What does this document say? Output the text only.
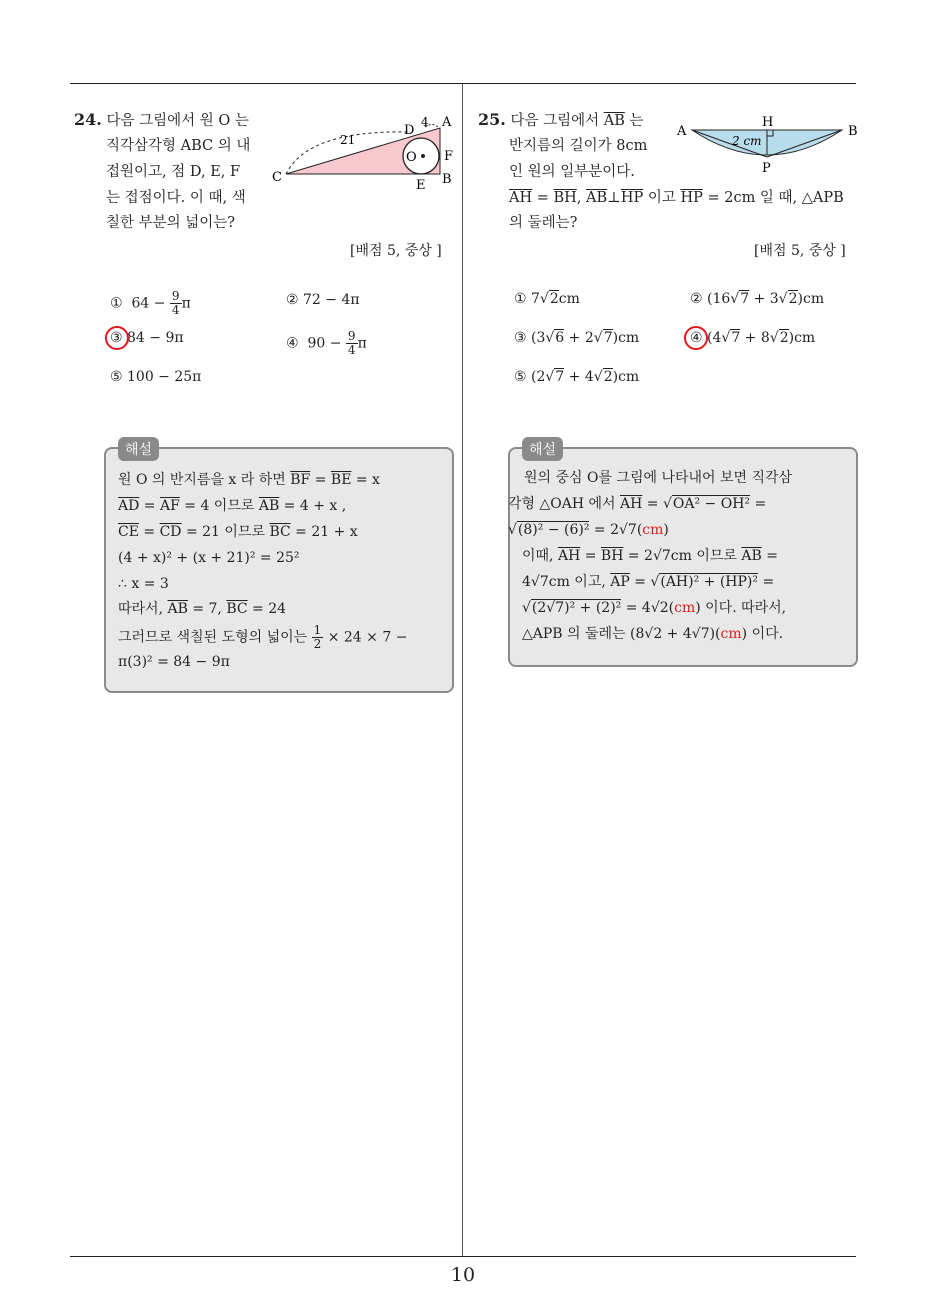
10
24. 다음 그림에서 원 O 는
직각삼각형 ABC 의 내
접원이고, 점 D, E, F
는 접점이다. 이 때, 색
칠한 부분의 넓이는?
A
B
C
D
E
F
O
21
4
[배점 5, 중상 ]
① $64 - \frac{9}{4}$ π	② 72 − 4π
③ 84 − 9π	④ $90 - \frac{9}{4}$ π
⑤ 100 − 25π
해설
원 O 의 반지름을 x 라 하면 $\overline{BF} = \overline{BE} = x$
$\overline{AD} = \overline{AF} = 4$ 이므로 $\overline{AB} = 4 + x$ ,
$\overline{CE} = \overline{CD} = 21$ 이므로 $\overline{BC} = 21 + x$
(4 + x)² + (x + 21)² = 25²
∴ x = 3
따라서, $\overline{AB} = 7$, $\overline{BC} = 24$
그러므로 색칠된 도형의 넓이는 $\frac{1}{2} \times 24 \times 7$ −
π(3)² = 84 − 9π
25. 다음 그림에서 $\overline{AB}$ 는
반지름의 길이가 8cm
인 원의 일부분이다.
$\overline{AH} = \overline{BH}$, $\overline{AB}\perp\overline{HP}$ 이고 $\overline{HP} = 2cm$ 일 때, △APB
의 둘레는?
A	B
H
P
2 cm
[배점 5, 중상 ]
① 7√2cm	② (16√7 + 3√2)cm
③ (3√6 + 2√7)cm	④ (4√7 + 8√2)cm
⑤ (2√7 + 4√2)cm
해설
원의 중심 O를 그림에 나타내어 보면 직각삼
각형 △OAH 에서 $\overline{AH} = √OA^2 - OH^2$ =
√(8)² − (6)² = 2√7(cm)
이때, $\overline{AH} = \overline{BH} = 2√7cm$ 이므로 $\overline{AB}$ =
4√7cm 이고, $\overline{AP} = √(AH)^2 + (HP)^2$ =
√(2√7)² + (2)² = 4√2(cm) 이다. 따라서,
△APB 의 둘레는 (8√2 + 4√7)(cm) 이다.
